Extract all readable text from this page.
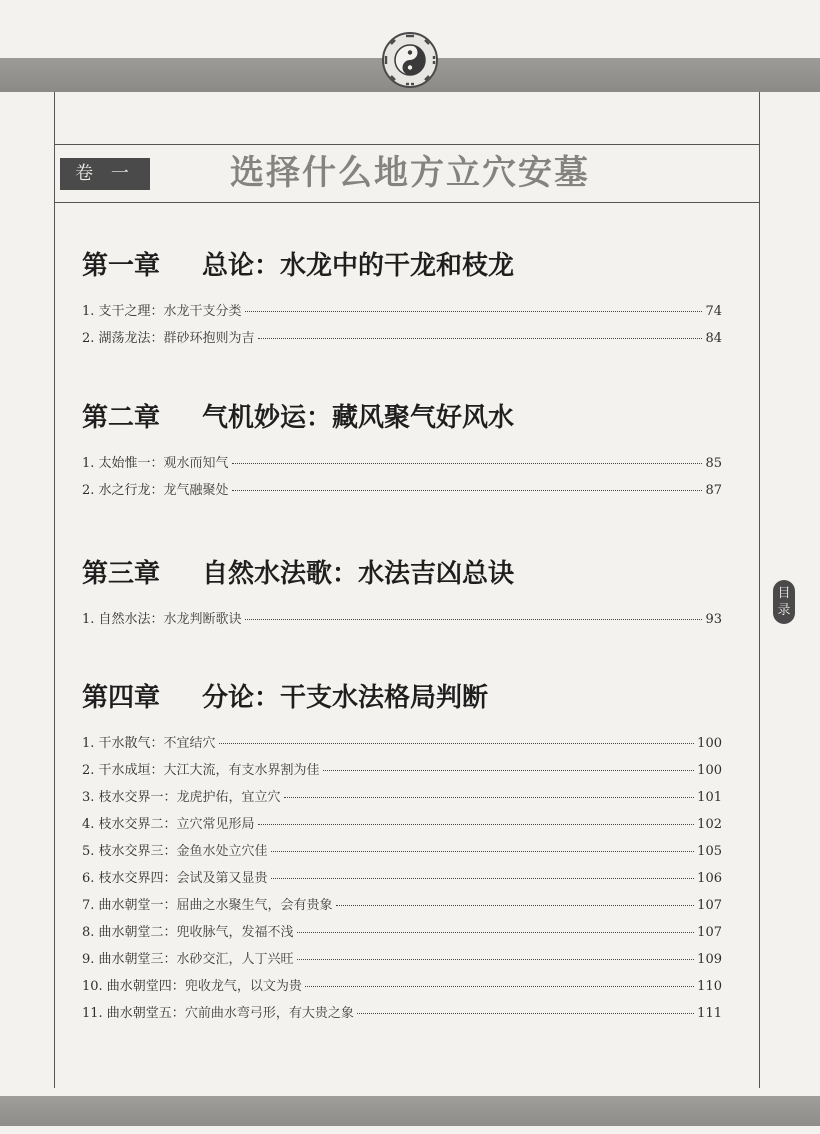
卷 一	选择什么地方立穴安墓
目
录
第一章 总论：水龙中的干龙和枝龙
1. 支干之理：水龙干支分类	74
2. 湖荡龙法：群砂环抱则为吉	84
第二章 气机妙运：藏风聚气好风水
1. 太始惟一：观水而知气	85
2. 水之行龙：龙气融聚处	87
第三章 自然水法歌：水法吉凶总诀
1. 自然水法：水龙判断歌诀	93
第四章 分论：干支水法格局判断
1. 干水散气：不宜结穴	100
2. 干水成垣：大江大流，有支水界割为佳	100
3. 枝水交界一：龙虎护佑，宜立穴	101
4. 枝水交界二：立穴常见形局	102
5. 枝水交界三：金鱼水处立穴佳	105
6. 枝水交界四：会试及第又显贵	106
7. 曲水朝堂一：屈曲之水聚生气，会有贵象	107
8. 曲水朝堂二：兜收脉气，发福不浅	107
9. 曲水朝堂三：水砂交汇，人丁兴旺	109
10. 曲水朝堂四：兜收龙气，以文为贵	110
11. 曲水朝堂五：穴前曲水弯弓形，有大贵之象	111
